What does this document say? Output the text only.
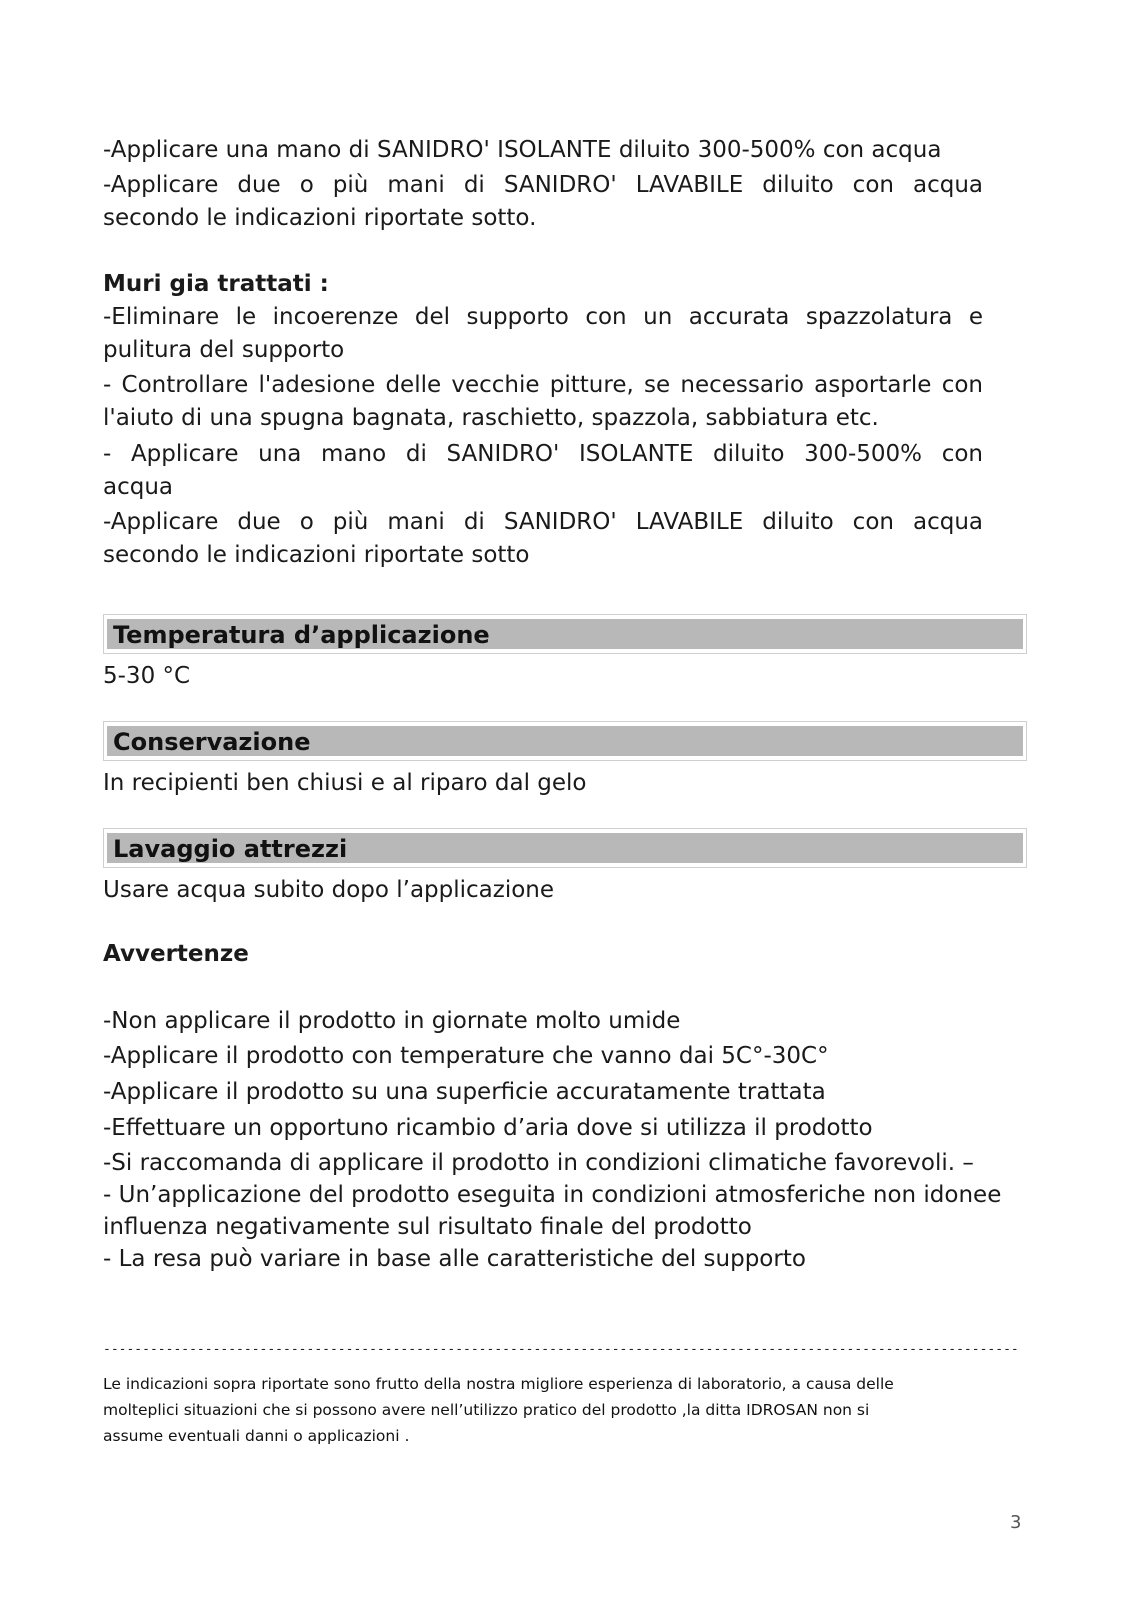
-Applicare una mano di SANIDRO' ISOLANTE diluito 300-500% con acqua
-Applicare due o più mani di SANIDRO' LAVABILE diluito con acqua
secondo le indicazioni riportate sotto.
Muri gia trattati :
-Eliminare le incoerenze del supporto con un accurata spazzolatura e
pulitura del supporto
- Controllare l'adesione delle vecchie pitture, se necessario asportarle con
l'aiuto di una spugna bagnata, raschietto, spazzola, sabbiatura etc.
- Applicare una mano di SANIDRO' ISOLANTE diluito 300-500% con
acqua
-Applicare due o più mani di SANIDRO' LAVABILE diluito con acqua
secondo le indicazioni riportate sotto
Temperatura d’applicazione
5-30 °C
Conservazione
In recipienti ben chiusi e al riparo dal gelo
Lavaggio attrezzi
Usare acqua subito dopo l’applicazione
Avvertenze
-Non applicare il prodotto in giornate molto umide
-Applicare il prodotto con temperature che vanno dai 5C°-30C°
-Applicare il prodotto su una superficie accuratamente trattata
-Effettuare un opportuno ricambio d’aria dove si utilizza il prodotto
-Si raccomanda di applicare il prodotto in condizioni climatiche favorevoli. –
- Un’applicazione del prodotto eseguita in condizioni atmosferiche non idonee
influenza negativamente sul risultato finale del prodotto
- La resa può variare in base alle caratteristiche del supporto
---------------------------------------------------------------------------------------------------------------------
Le indicazioni sopra riportate sono frutto della nostra migliore esperienza di laboratorio, a causa delle
molteplici situazioni che si possono avere nell’utilizzo pratico del prodotto ,la ditta IDROSAN non si
assume eventuali danni o applicazioni .
3
